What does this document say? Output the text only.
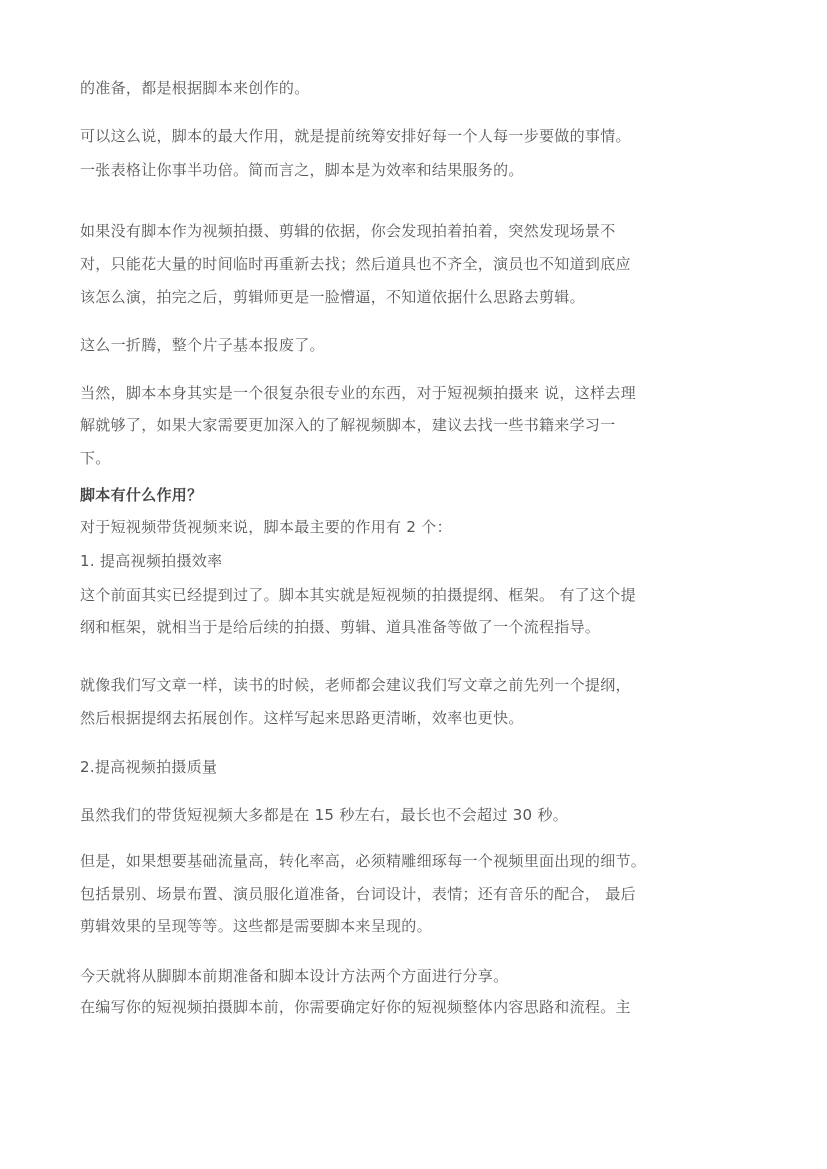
的准备，都是根据脚本来创作的。
可以这么说，脚本的最大作用，就是提前统筹安排好每一个人每一步要做的事情。
一张表格让你事半功倍。简而言之，脚本是为效率和结果服务的。
如果没有脚本作为视频拍摄、剪辑的依据，你会发现拍着拍着，突然发现场景不
对，只能花大量的时间临时再重新去找；然后道具也不齐全，演员也不知道到底应
该怎么演，拍完之后，剪辑师更是一脸懵逼，不知道依据什么思路去剪辑。
这么一折腾，整个片子基本报废了。
当然，脚本本身其实是一个很复杂很专业的东西，对于短视频拍摄来 说，这样去理
解就够了，如果大家需要更加深入的了解视频脚本，建议去找一些书籍来学习一
下。
脚本有什么作用？
对于短视频带货视频来说，脚本最主要的作用有 2 个：
1. 提高视频拍摄效率
这个前面其实已经提到过了。脚本其实就是短视频的拍摄提纲、框架。 有了这个提
纲和框架，就相当于是给后续的拍摄、剪辑、道具准备等做了一个流程指导。
就像我们写文章一样，读书的时候，老师都会建议我们写文章之前先列一个提纲，
然后根据提纲去拓展创作。这样写起来思路更清晰，效率也更快。
2.提高视频拍摄质量
虽然我们的带货短视频大多都是在 15 秒左右，最长也不会超过 30 秒。
但是，如果想要基础流量高，转化率高，必须精雕细琢每一个视频里面出现的细节。
包括景别、场景布置、演员服化道准备，台词设计，表情；还有音乐的配合， 最后
剪辑效果的呈现等等。这些都是需要脚本来呈现的。
今天就将从脚脚本前期准备和脚本设计方法两个方面进行分享。
在编写你的短视频拍摄脚本前，你需要确定好你的短视频整体内容思路和流程。主
